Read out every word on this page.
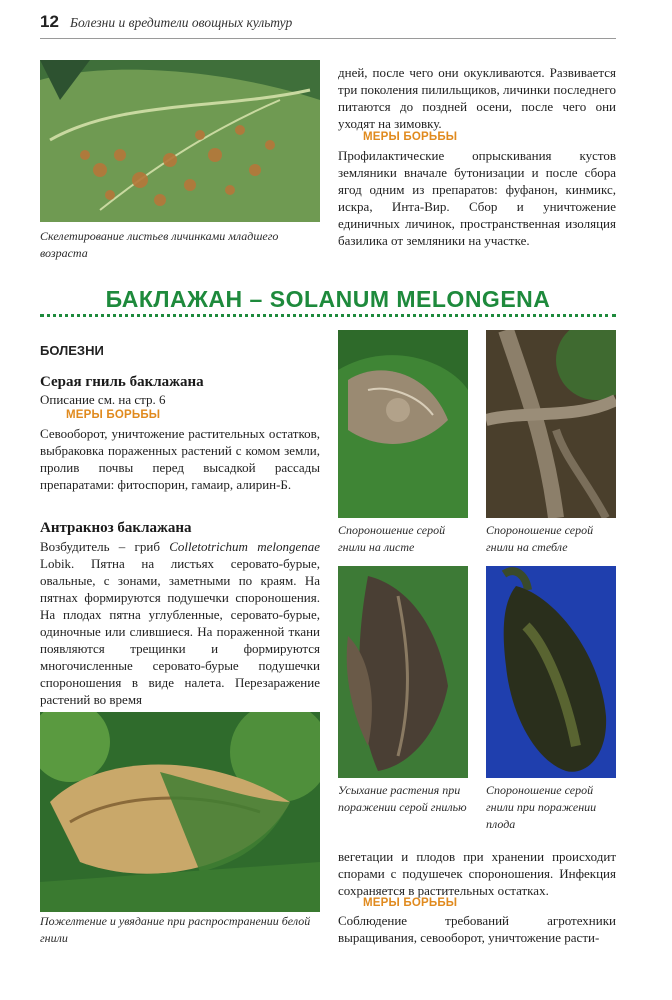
12 Болезни и вредители овощных культур
Скелетирование листьев личинками младшего возраста

дней, после чего они окукливаются. Развивается три поколения пилильщиков, личинки последнего питаются до поздней осени, после чего они уходят на зимовку.

МЕРЫ БОРЬБЫ

Профилактические опрыскивания кустов земляники вначале бутонизации и после сбора ягод одним из препаратов: фуфанон, кинмикс, искра, Инта-Вир. Сбор и уничтожение единичных личинок, пространственная изоляция базилика от земляники на участке.

БАКЛАЖАН – SOLANUM MELONGENA
БОЛЕЗНИ
Серая гниль баклажана
Описание см. на стр. 6
МЕРЫ БОРЬБЫ

Севооборот, уничтожение растительных остатков, выбраковка пораженных растений с комом земли, пролив почвы перед высадкой рассады препаратами: фитоспорин, гамаир, алирин-Б.

Антракноз баклажана

Возбудитель – гриб Colletotrichum melongenae Lobik. Пятна на листьях серовато-бурые, овальные, с зонами, заметными по краям. На пятнах формируются подушечки спороношения. На плодах пятна углубленные, серовато-бурые, одиночные или слившиеся. На пораженной ткани появляются трещинки и формируются многочисленные серовато-бурые подушечки спороношения в виде налета. Перезаражение растений во время

Пожелтение и увядание при распространении белой гнили
Спороношение серой гнили на листе
Спороношение серой гнили на стебле
Усыхание растения при поражении серой гнилью
Спороношение серой гнили при поражении плода

вегетации и плодов при хранении происходит спорами с подушечек спороношения. Инфекция сохраняется в растительных остатках.

МЕРЫ БОРЬБЫ

Соблюдение требований агротехники выращивания, севооборот, уничтожение расти-
